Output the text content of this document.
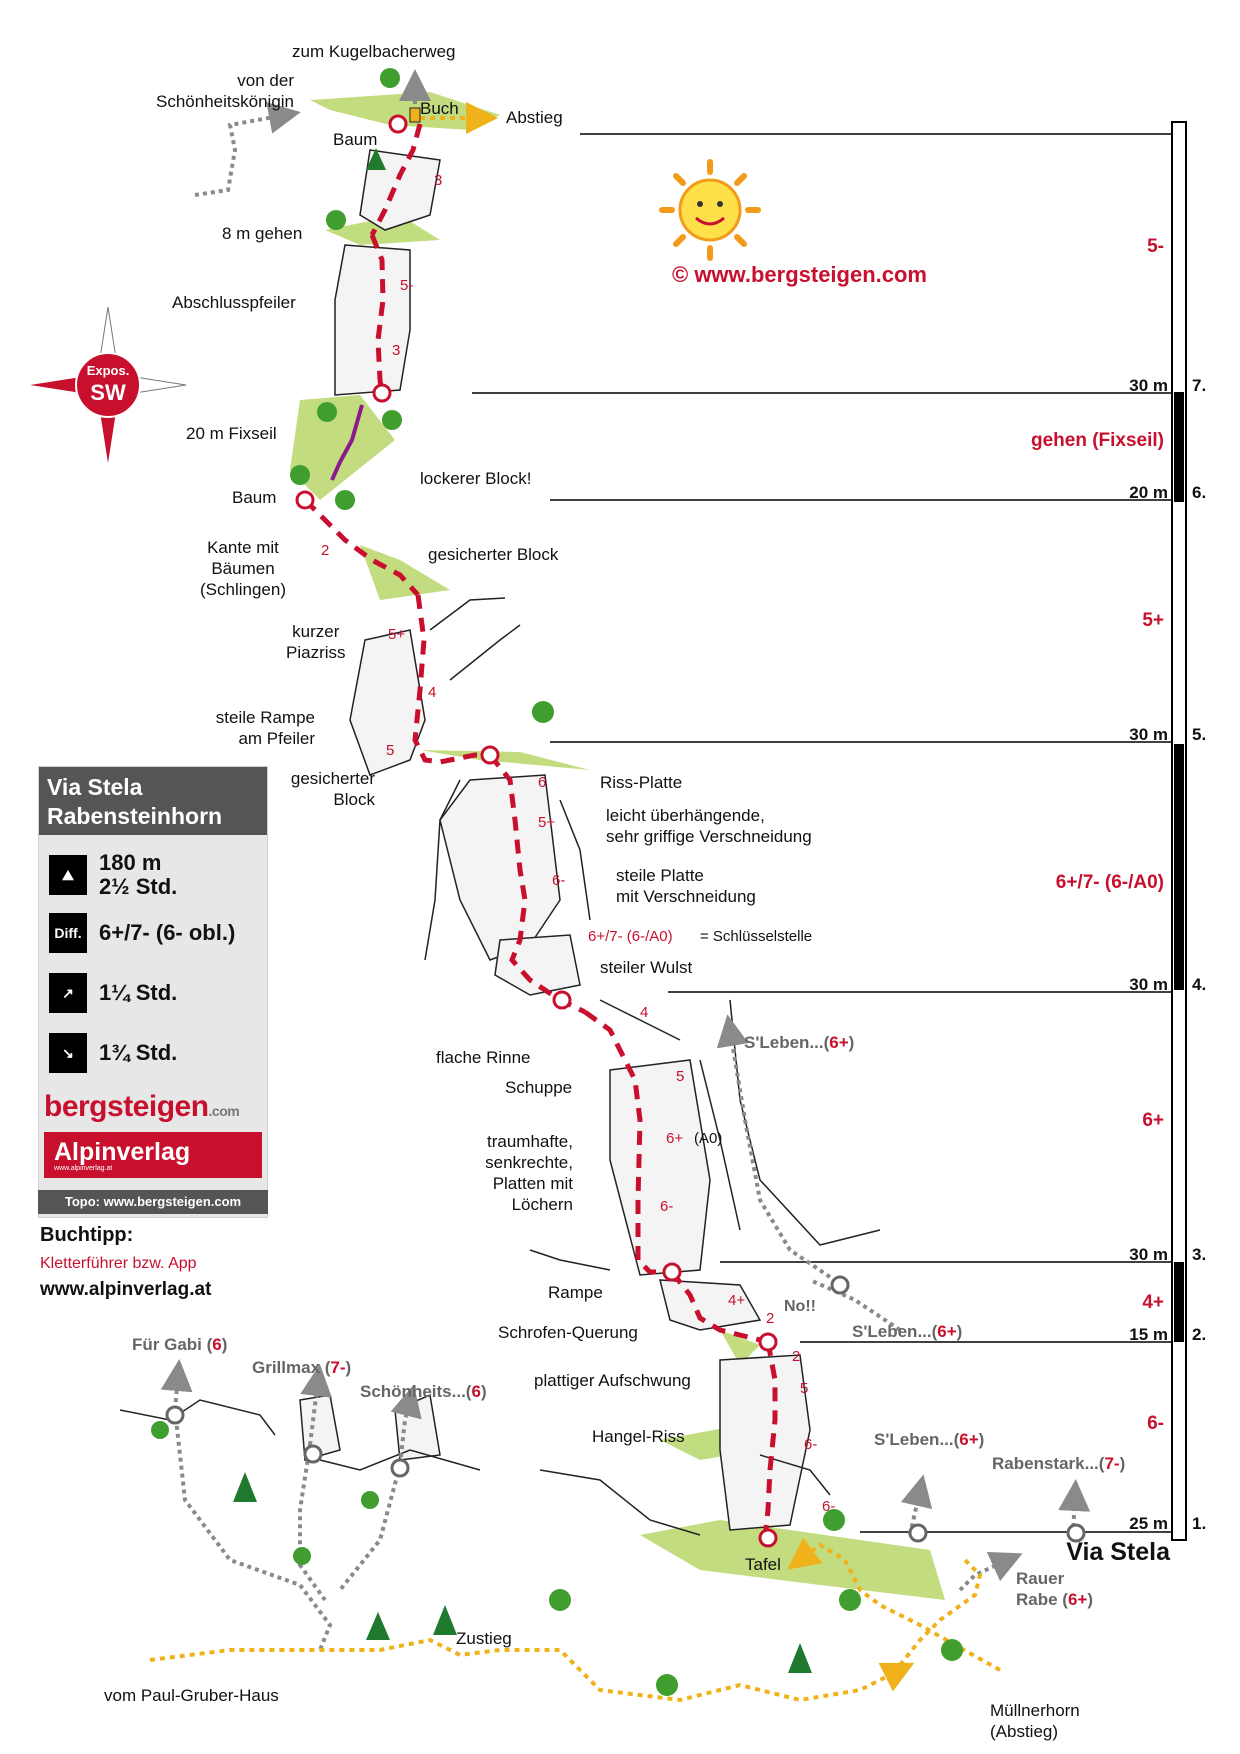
Expos.
SW
© www.bergsteigen.com
zum Kugelbacherweg
von der
Schönheitskönigin
Abstieg
Buch
Baum
8 m gehen
Abschlusspfeiler
20 m Fixseil
lockerer Block!
Baum
Kante mit
Bäumen
(Schlingen)
gesicherter Block
kurzer
Piazriss
steile Rampe
am Pfeiler
gesicherter
Block
Riss-Platte
leicht überhängende,
sehr griffige Verschneidung
steile Platte
mit Verschneidung
6+/7- (6-/A0) = Schlüsselstelle
steiler Wulst
flache Rinne
Schuppe
traumhafte,
senkrechte,
Platten mit
Löchern
Rampe
Schrofen-Querung
plattiger Aufschwung
Hangel-Riss
Tafel
Zustieg
vom Paul-Gruber-Haus
Müllnerhorn
(Abstieg)
No!!
S'Leben...(6+)
S'Leben...(6+)
S'Leben...(6+)
Für Gabi (6)
Grillmax (7-)
Schönheits...(6)
Rabenstark...(7-)
Rauer
Rabe (6+)
5-
gehen (Fixseil)
5+
6+/7- (6-/A0)
6+
4+
6-
30 m
20 m
30 m
30 m
30 m
15 m
25 m
7.
6.
5.
4.
3.
2.
1.
Via Stela
3
5-
3
2
5+
4
5
6
5+
6-
4
5
6+ (A0)
6-
4+
2
2
5
6-
6-
Via Stela
Rabensteinhorn
⛰	180 m
2½ Std.
Diff. 6+/7- (6- obl.)
↗	1¼ Std.
↘	1¾ Std.
bergsteigen.com
Alpinverlag
www.alpinverlag.at
Topo: www.bergsteigen.com
Buchtipp:
Kletterführer bzw. App
www.alpinverlag.at
